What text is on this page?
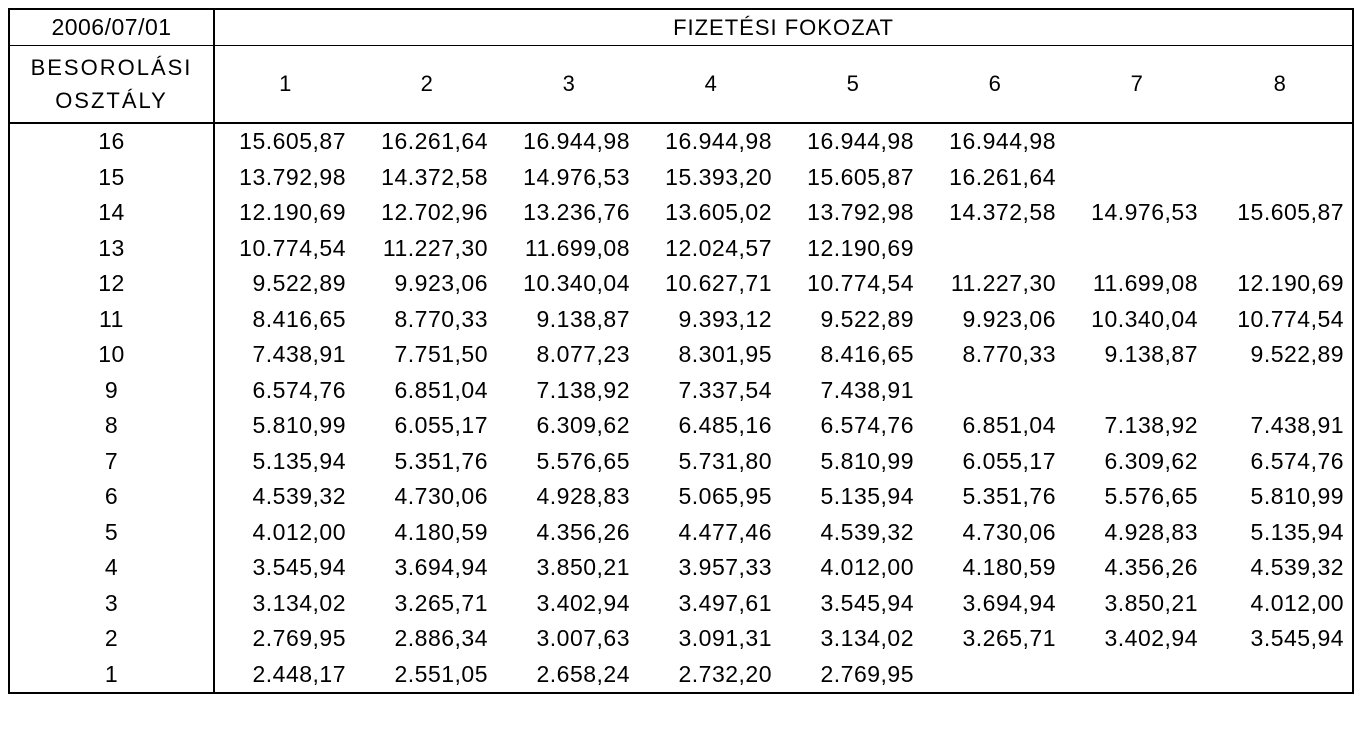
2006/07/01	FIZETÉSI FOKOZAT							

BESOROLÁSI
OSZTÁLY	1	2	3	4	5	6	7	8
16	15.605,87	16.261,64	16.944,98	16.944,98	16.944,98	16.944,98		
15	13.792,98	14.372,58	14.976,53	15.393,20	15.605,87	16.261,64		
14	12.190,69	12.702,96	13.236,76	13.605,02	13.792,98	14.372,58	14.976,53	15.605,87
13	10.774,54	11.227,30	11.699,08	12.024,57	12.190,69			
12	9.522,89	9.923,06	10.340,04	10.627,71	10.774,54	11.227,30	11.699,08	12.190,69
11	8.416,65	8.770,33	9.138,87	9.393,12	9.522,89	9.923,06	10.340,04	10.774,54
10	7.438,91	7.751,50	8.077,23	8.301,95	8.416,65	8.770,33	9.138,87	9.522,89
9	6.574,76	6.851,04	7.138,92	7.337,54	7.438,91			
8	5.810,99	6.055,17	6.309,62	6.485,16	6.574,76	6.851,04	7.138,92	7.438,91
7	5.135,94	5.351,76	5.576,65	5.731,80	5.810,99	6.055,17	6.309,62	6.574,76
6	4.539,32	4.730,06	4.928,83	5.065,95	5.135,94	5.351,76	5.576,65	5.810,99
5	4.012,00	4.180,59	4.356,26	4.477,46	4.539,32	4.730,06	4.928,83	5.135,94
4	3.545,94	3.694,94	3.850,21	3.957,33	4.012,00	4.180,59	4.356,26	4.539,32
3	3.134,02	3.265,71	3.402,94	3.497,61	3.545,94	3.694,94	3.850,21	4.012,00
2	2.769,95	2.886,34	3.007,63	3.091,31	3.134,02	3.265,71	3.402,94	3.545,94
1	2.448,17	2.551,05	2.658,24	2.732,20	2.769,95			
